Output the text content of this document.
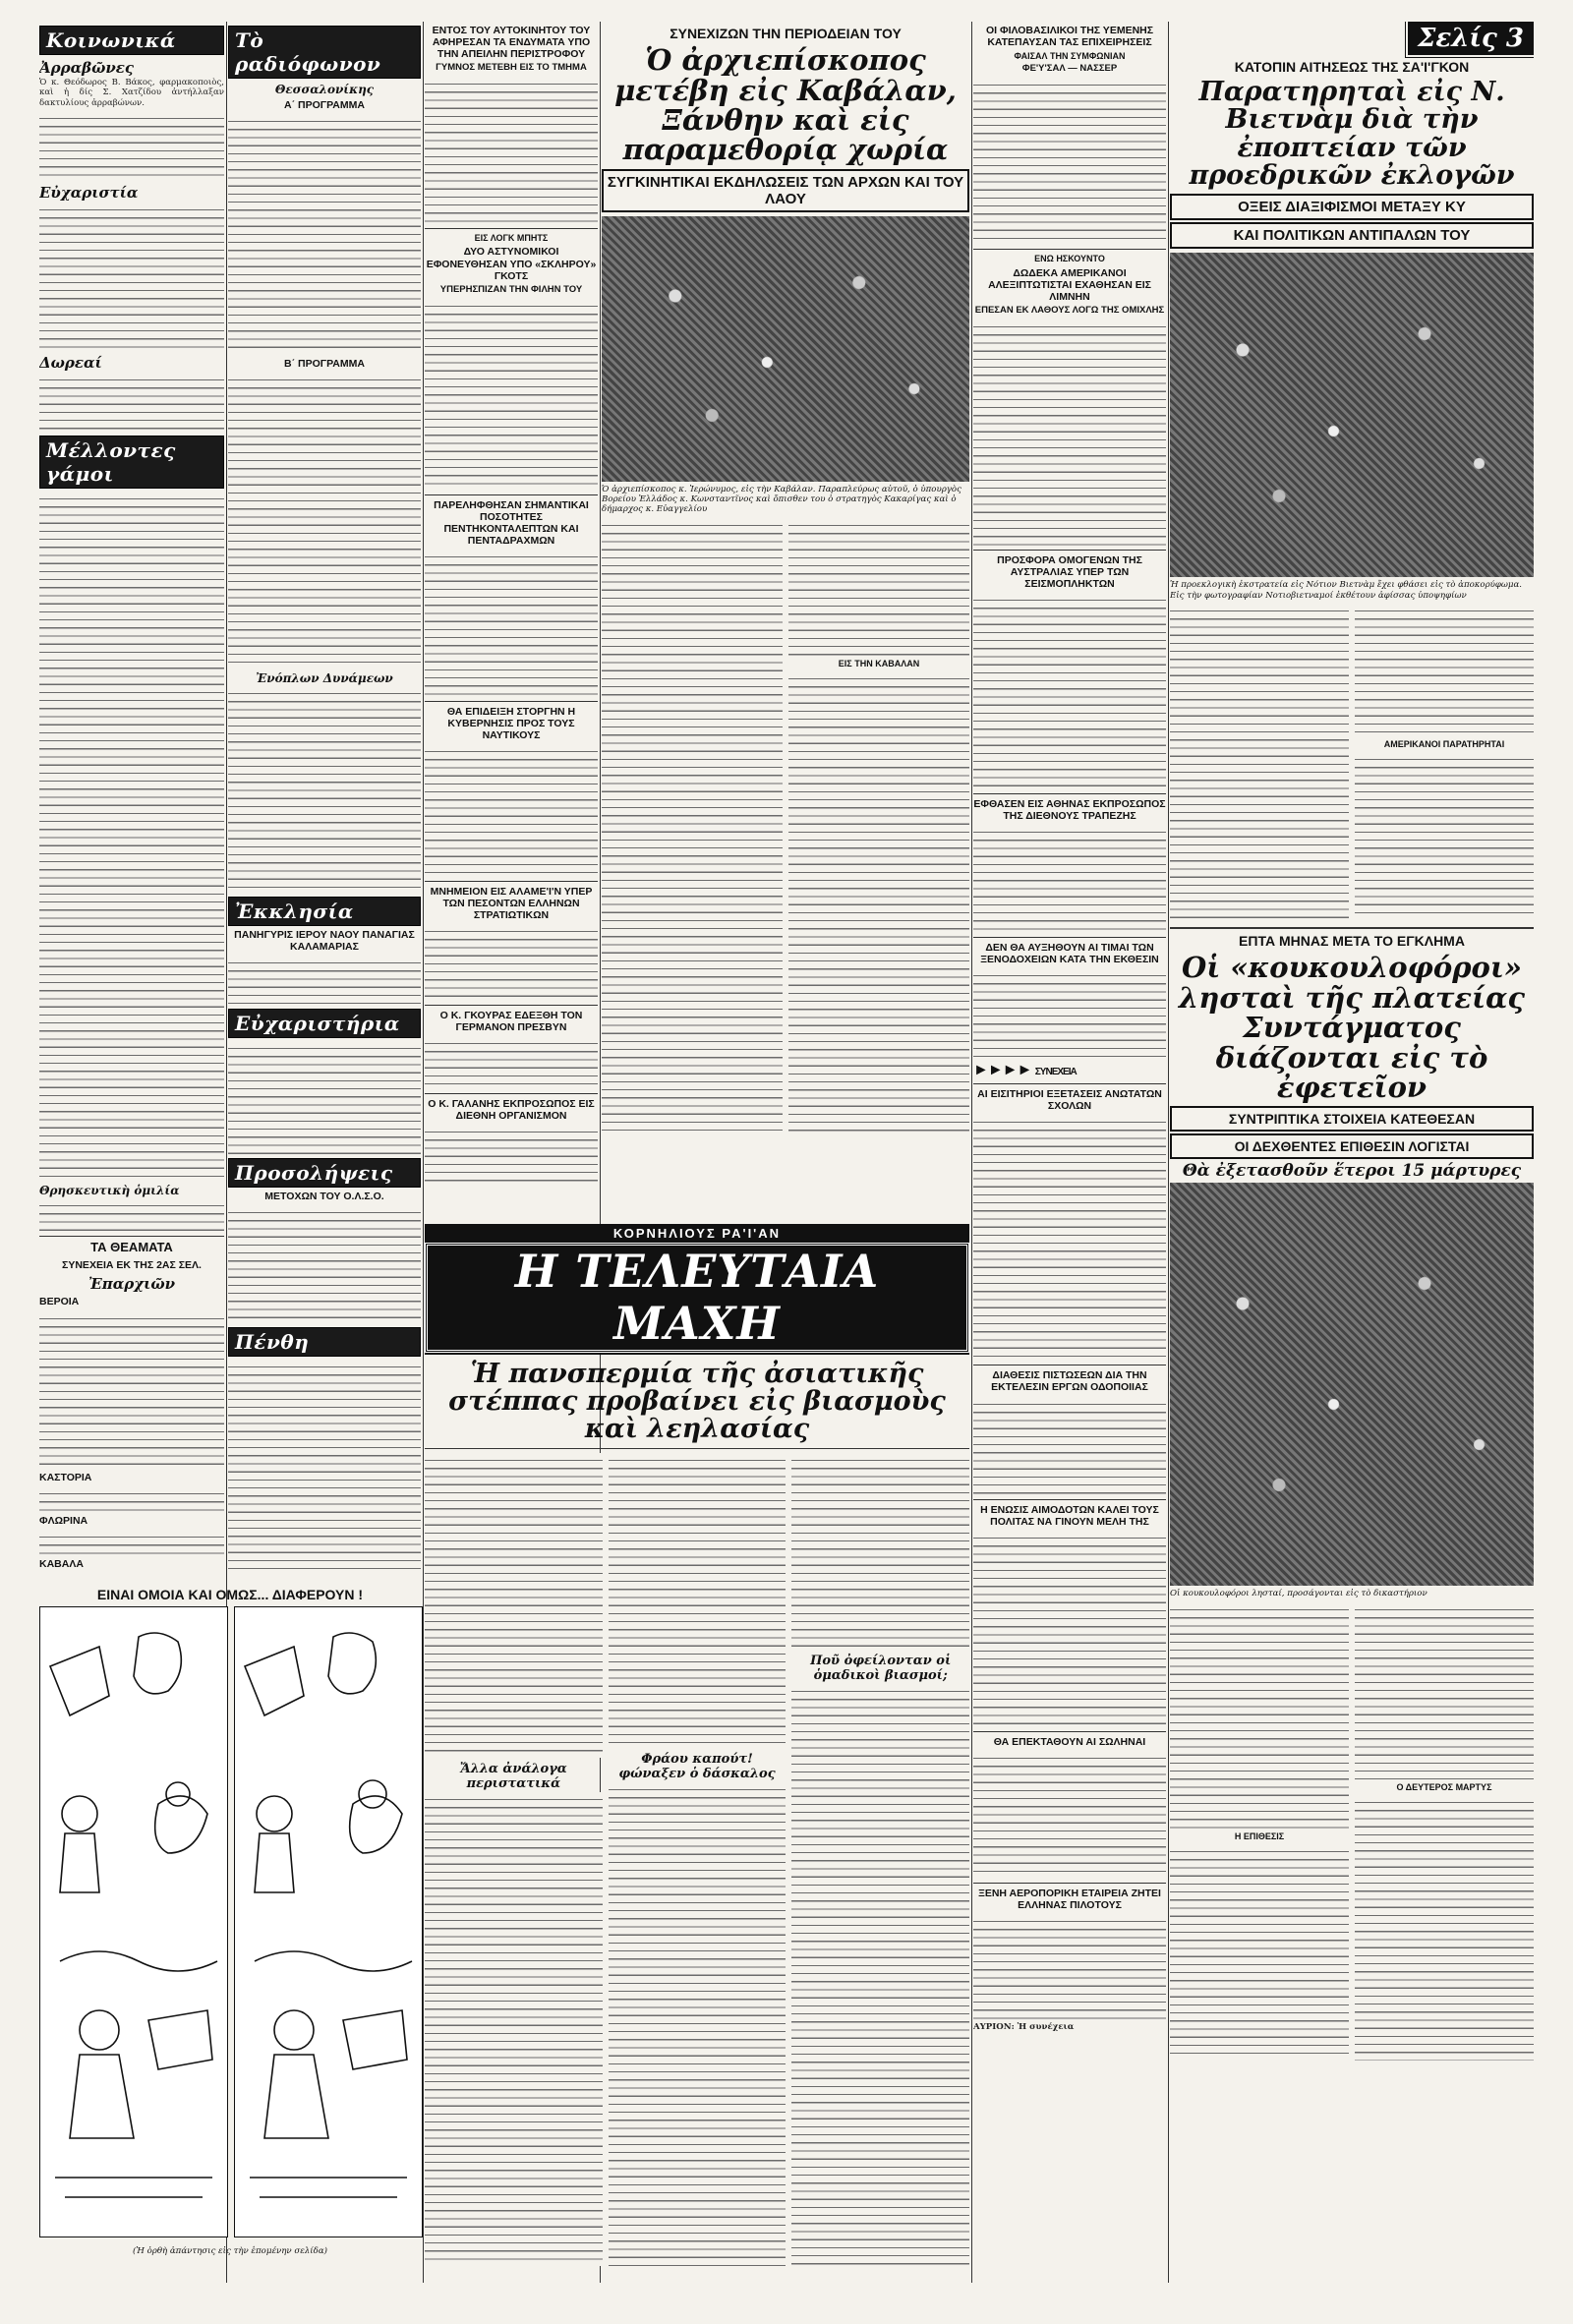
Κοινωνικά
Ἀρραβῶνες

Ὁ κ. Θεόδωρος Β. Βάκος, φαρμακοποιὸς, καὶ ἡ δίς Σ. Χατζίδου ἀντήλλαξαν δακτυλίους ἀρραβώνων.

Εὐχαριστία
Δωρεαί
Μέλλοντες γάμοι
Θρησκευτικὴ ὁμιλία
ΤΑ ΘΕΑΜΑΤΑ
ΣΥΝΕΧΕΙΑ ΕΚ ΤΗΣ 2ΑΣ ΣΕΛ.
Ἐπαρχιῶν
ΒΕΡΟΙΑ
ΚΑΣΤΟΡΙΑ
ΦΛΩΡΙΝΑ
ΚΑΒΑΛΑ
Τὸ ραδιόφωνον
Θεσσαλονίκης
Α΄ ΠΡΟΓΡΑΜΜΑ
Β΄ ΠΡΟΓΡΑΜΜΑ
Ἐνόπλων Δυνάμεων
Ἐκκλησία
ΠΑΝΗΓΥΡΙΣ ΙΕΡΟΥ ΝΑΟΥ ΠΑΝΑΓΙΑΣ ΚΑΛΑΜΑΡΙΑΣ
Εὐχαριστήρια
Προσολήψεις
ΜΕΤΟΧΩΝ ΤΟΥ Ο.Λ.Σ.Ο.
Πένθη
ΕΝΤΟΣ ΤΟΥ ΑΥΤΟΚΙΝΗΤΟΥ ΤΟΥ ΑΦΗΡΕΣΑΝ ΤΑ ΕΝΔΥΜΑΤΑ ΥΠΟ ΤΗΝ ΑΠΕΙΛΗΝ ΠΕΡΙΣΤΡΟΦΟΥ
ΓΥΜΝΟΣ ΜΕΤΕΒΗ ΕΙΣ ΤΟ ΤΜΗΜΑ
ΕΙΣ ΛΟΓΚ ΜΠΗΤΣ
ΔΥΟ ΑΣΤΥΝΟΜΙΚΟΙ ΕΦΟΝΕΥΘΗΣΑΝ ΥΠΟ «ΣΚΛΗΡΟΥ» ΓΚΟΤΣ
ΥΠΕΡΗΣΠΙΖΑΝ ΤΗΝ ΦΙΛΗΝ ΤΟΥ
ΠΑΡΕΛΗΦΘΗΣΑΝ ΣΗΜΑΝΤΙΚΑΙ ΠΟΣΟΤΗΤΕΣ ΠΕΝΤΗΚΟΝΤΑΛΕΠΤΩΝ ΚΑΙ ΠΕΝΤΑΔΡΑΧΜΩΝ
ΘΑ ΕΠΙΔΕΙΞΗ ΣΤΟΡΓΗΝ Η ΚΥΒΕΡΝΗΣΙΣ ΠΡΟΣ ΤΟΥΣ ΝΑΥΤΙΚΟΥΣ
ΜΝΗΜΕΙΟΝ ΕΙΣ ΑΛΑΜΕ'Ι'Ν ΥΠΕΡ ΤΩΝ ΠΕΣΟΝΤΩΝ ΕΛΛΗΝΩΝ ΣΤΡΑΤΙΩΤΙΚΩΝ
Ο Κ. ΓΚΟΥΡΑΣ ΕΔΕΞΘΗ ΤΟΝ ΓΕΡΜΑΝΟΝ ΠΡΕΣΒΥΝ
Ο Κ. ΓΑΛΑΝΗΣ ΕΚΠΡΟΣΩΠΟΣ ΕΙΣ ΔΙΕΘΝΗ ΟΡΓΑΝΙΣΜΟΝ
ΣΥΝΕΧΙΖΩΝ ΤΗΝ ΠΕΡΙΟΔΕΙΑΝ ΤΟΥ
Ὁ ἀρχιεπίσκοπος μετέβη εἰς Καβάλαν, Ξάνθην καὶ εἰς παραμεθορίᾳ χωρία
ΣΥΓΚΙΝΗΤΙΚΑΙ ΕΚΔΗΛΩΣΕΙΣ ΤΩΝ ΑΡΧΩΝ ΚΑΙ ΤΟΥ ΛΑΟΥ

Ὁ ἀρχιεπίσκοπος κ. Ἱερώνυμος, εἰς τὴν Καβάλαν. Παραπλεύρως αὐτοῦ, ὁ ὑπουργὸς Βορείου Ἑλλάδος κ. Κωνσταντῖνος καὶ ὄπισθεν του ὁ στρατηγὸς Κακαρίγας καὶ ὁ δήμαρχος κ. Εὐαγγελίου

ΕΙΣ ΤΗΝ ΚΑΒΑΛΑΝ
ΚΟΡΝΗΛΙΟΥΣ ΡΑ'Ι'ΑΝ
Η ΤΕΛΕΥΤΑΙΑ ΜΑΧΗ
Ἡ πανσπερμία τῆς ἀσιατικῆς στέππας προβαίνει εἰς βιασμοὺς καὶ λεηλασίας
Ἄλλα ἀνάλογα περιστατικά
Φράου καπούτ! φώναξεν ὁ δάσκαλος
Ποῦ ὀφείλονταν οἱ ὁμαδικοὶ βιασμοί;
ΟΙ ΦΙΛΟΒΑΣΙΛΙΚΟΙ ΤΗΣ ΥΕΜΕΝΗΣ ΚΑΤΕΠΑΥΣΑΝ ΤΑΣ ΕΠΙΧΕΙΡΗΣΕΙΣ
ΦΑΙΣΑΛ ΤΗΝ ΣΥΜΦΩΝΙΑΝ
ΦΕ'Υ'ΣΑΛ — ΝΑΣΣΕΡ
ΕΝΩ ΗΣΚΟΥΝΤΟ
ΔΩΔΕΚΑ ΑΜΕΡΙΚΑΝΟΙ ΑΛΕΞΙΠΤΩΤΙΣΤΑΙ ΕΧΑΘΗΣΑΝ ΕΙΣ ΛΙΜΝΗΝ
ΕΠΕΣΑΝ ΕΚ ΛΑΘΟΥΣ ΛΟΓΩ ΤΗΣ ΟΜΙΧΛΗΣ
ΠΡΟΣΦΟΡΑ ΟΜΟΓΕΝΩΝ ΤΗΣ ΑΥΣΤΡΑΛΙΑΣ ΥΠΕΡ ΤΩΝ ΣΕΙΣΜΟΠΛΗΚΤΩΝ
ΕΦΘΑΣΕΝ ΕΙΣ ΑΘΗΝΑΣ ΕΚΠΡΟΣΩΠΟΣ ΤΗΣ ΔΙΕΘΝΟΥΣ ΤΡΑΠΕΖΗΣ
ΔΕΝ ΘΑ ΑΥΞΗΘΟΥΝ ΑΙ ΤΙΜΑΙ ΤΩΝ ΞΕΝΟΔΟΧΕΙΩΝ ΚΑΤΑ ΤΗΝ ΕΚΘΕΣΙΝ
►►►► ΣΥΝΕΧΕΙΑ
ΑΙ ΕΙΣΙΤΗΡΙΟΙ ΕΞΕΤΑΣΕΙΣ ΑΝΩΤΑΤΩΝ ΣΧΟΛΩΝ
ΔΙΑΘΕΣΙΣ ΠΙΣΤΩΣΕΩΝ ΔΙΑ ΤΗΝ ΕΚΤΕΛΕΣΙΝ ΕΡΓΩΝ ΟΔΟΠΟΙΙΑΣ
Η ΕΝΩΣΙΣ ΑΙΜΟΔΟΤΩΝ ΚΑΛΕΙ ΤΟΥΣ ΠΟΛΙΤΑΣ ΝΑ ΓΙΝΟΥΝ ΜΕΛΗ ΤΗΣ
ΘΑ ΕΠΕΚΤΑΘΟΥΝ ΑΙ ΣΩΛΗΝΑΙ
ΞΕΝΗ ΑΕΡΟΠΟΡΙΚΗ ΕΤΑΙΡΕΙΑ ΖΗΤΕΙ ΕΛΛΗΝΑΣ ΠΙΛΟΤΟΥΣ
ΑΥΡΙΟΝ: Ἡ συνέχεια
Σελίς 3
ΚΑΤΟΠΙΝ ΑΙΤΗΣΕΩΣ ΤΗΣ ΣΑ'Ι'ΓΚΟΝ
Παρατηρηταὶ εἰς Ν. Βιετνὰμ διὰ τὴν ἐποπτείαν τῶν προεδρικῶν ἐκλογῶν
ΟΞΕΙΣ ΔΙΑΞΙΦΙΣΜΟΙ ΜΕΤΑΞΥ ΚΥ
ΚΑΙ ΠΟΛΙΤΙΚΩΝ ΑΝΤΙΠΑΛΩΝ ΤΟΥ

Ἡ προεκλογικὴ ἐκστρατεία εἰς Νότιον Βιετνὰμ ἔχει φθάσει εἰς τὸ ἀποκορύφωμα. Εἰς τὴν φωτογραφίαν Νοτιοβιετναμοί ἐκθέτουν ἀφίσσας ὑποψηφίων

ΑΜΕΡΙΚΑΝΟΙ ΠΑΡΑΤΗΡΗΤΑΙ
ΕΠΤΑ ΜΗΝΑΣ ΜΕΤΑ ΤΟ ΕΓΚΛΗΜΑ
Οἱ «κουκουλοφόροι» λησταὶ τῆς πλατείας Συντάγματος διάζονται εἰς τὸ ἐφετεῖον
ΣΥΝΤΡΙΠΤΙΚΑ ΣΤΟΙΧΕΙΑ ΚΑΤΕΘΕΣΑΝ
ΟΙ ΔΕΧΘΕΝΤΕΣ ΕΠΙΘΕΣΙΝ ΛΟΓΙΣΤΑΙ
Θὰ ἐξετασθοῦν ἕτεροι 15 μάρτυρες

Οἱ κουκουλοφόροι λησταί, προσάγονται εἰς τὸ δικαστήριον

Η ΕΠΙΘΕΣΙΣ
Ο ΔΕΥΤΕΡΟΣ ΜΑΡΤΥΣ
ΕΙΝΑΙ ΟΜΟΙΑ ΚΑΙ ΟΜΩΣ... ΔΙΑΦΕΡΟΥΝ !
(Ἡ ὀρθὴ ἀπάντησις εἰς τὴν ἑπομένην σελίδα)
